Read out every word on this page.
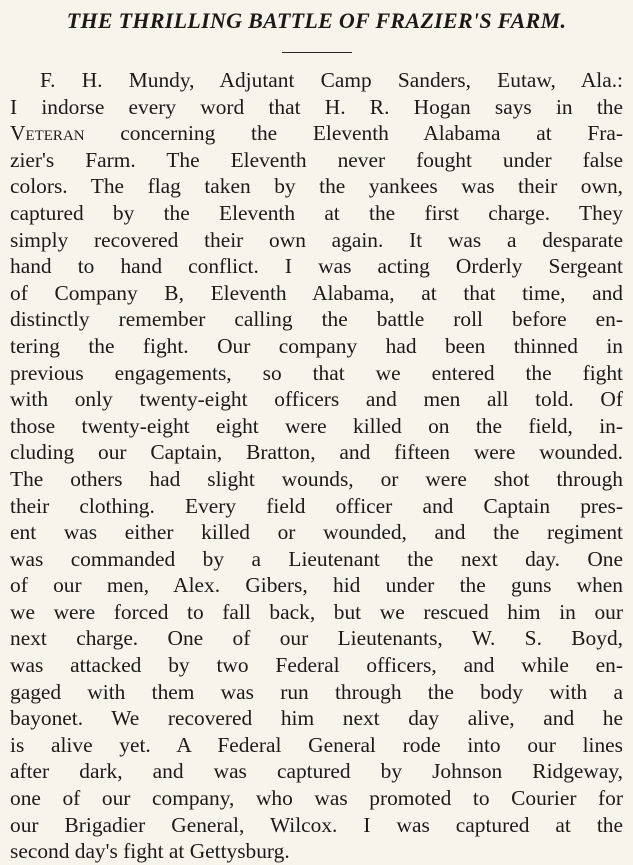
THE THRILLING BATTLE OF FRAZIER'S FARM.
F. H. Mundy, Adjutant Camp Sanders, Eutaw, Ala.:
I indorse every word that H. R. Hogan says in the
Veteran concerning the Eleventh Alabama at Fra-
zier's Farm. The Eleventh never fought under false
colors. The flag taken by the yankees was their own,
captured by the Eleventh at the first charge. They
simply recovered their own again. It was a desparate
hand to hand conflict. I was acting Orderly Sergeant
of Company B, Eleventh Alabama, at that time, and
distinctly remember calling the battle roll before en-
tering the fight. Our company had been thinned in
previous engagements, so that we entered the fight
with only twenty-eight officers and men all told. Of
those twenty-eight eight were killed on the field, in-
cluding our Captain, Bratton, and fifteen were wounded.
The others had slight wounds, or were shot through
their clothing. Every field officer and Captain pres-
ent was either killed or wounded, and the regiment
was commanded by a Lieutenant the next day. One
of our men, Alex. Gibers, hid under the guns when
we were forced to fall back, but we rescued him in our
next charge. One of our Lieutenants, W. S. Boyd,
was attacked by two Federal officers, and while en-
gaged with them was run through the body with a
bayonet. We recovered him next day alive, and he
is alive yet. A Federal General rode into our lines
after dark, and was captured by Johnson Ridgeway,
one of our company, who was promoted to Courier for
our Brigadier General, Wilcox. I was captured at the
second day's fight at Gettysburg.
